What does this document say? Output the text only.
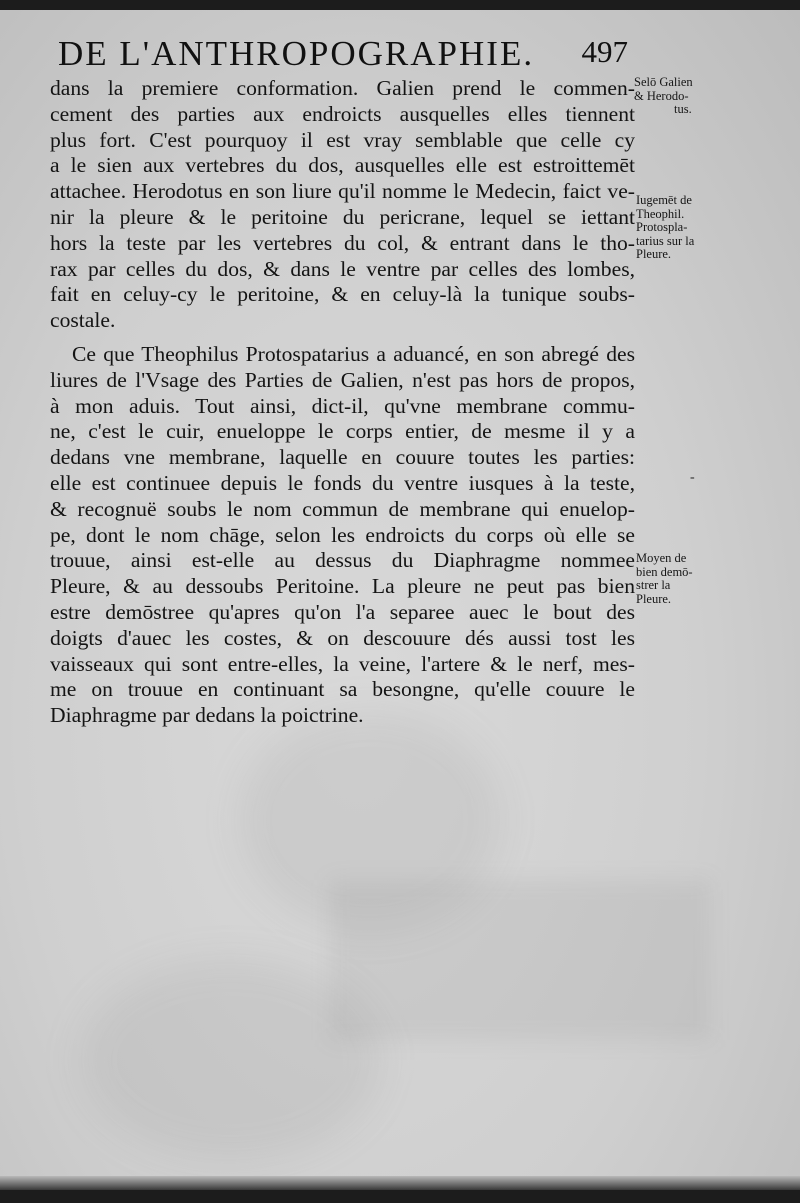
DE L'ANTHROPOGRAPHIE. 497
dans la premiere conformation. Galien prend le commen-
cement des parties aux endroicts ausquelles elles tiennent
plus fort. C'est pourquoy il est vray semblable que celle cy
a le sien aux vertebres du dos, ausquelles elle est estroittemēt
attachee. Herodotus en son liure qu'il nomme le Medecin, faict ve-
nir la pleure & le peritoine du pericrane, lequel se iettant
hors la teste par les vertebres du col, & entrant dans le tho-
rax par celles du dos, & dans le ventre par celles des lombes,
fait en celuy-cy le peritoine, & en celuy-là la tunique soubs-
costale.
Ce que Theophilus Protospatarius a aduancé, en son abregé des
liures de l'Vsage des Parties de Galien, n'est pas hors de propos,
à mon aduis. Tout ainsi, dict-il, qu'vne membrane commu-
ne, c'est le cuir, enueloppe le corps entier, de mesme il y a
dedans vne membrane, laquelle en couure toutes les parties:
elle est continuee depuis le fonds du ventre iusques à la teste,
& recognuë soubs le nom commun de membrane qui enuelop-
pe, dont le nom chāge, selon les endroicts du corps où elle se
trouue, ainsi est-elle au dessus du Diaphragme nommee
Pleure, & au dessoubs Peritoine. La pleure ne peut pas bien
estre demōstree qu'apres qu'on l'a separee auec le bout des
doigts d'auec les costes, & on descouure dés aussi tost les
vaisseaux qui sont entre-elles, la veine, l'artere & le nerf, mes-
me on trouue en continuant sa besongne, qu'elle couure le
Diaphragme par dedans la poictrine.
Selō Galien
& Herodo-
tus.
Iugemēt de
Theophil.
Protospla-
tarius sur la
Pleure.
-
Moyen de
bien demō-
strer la
Pleure.
